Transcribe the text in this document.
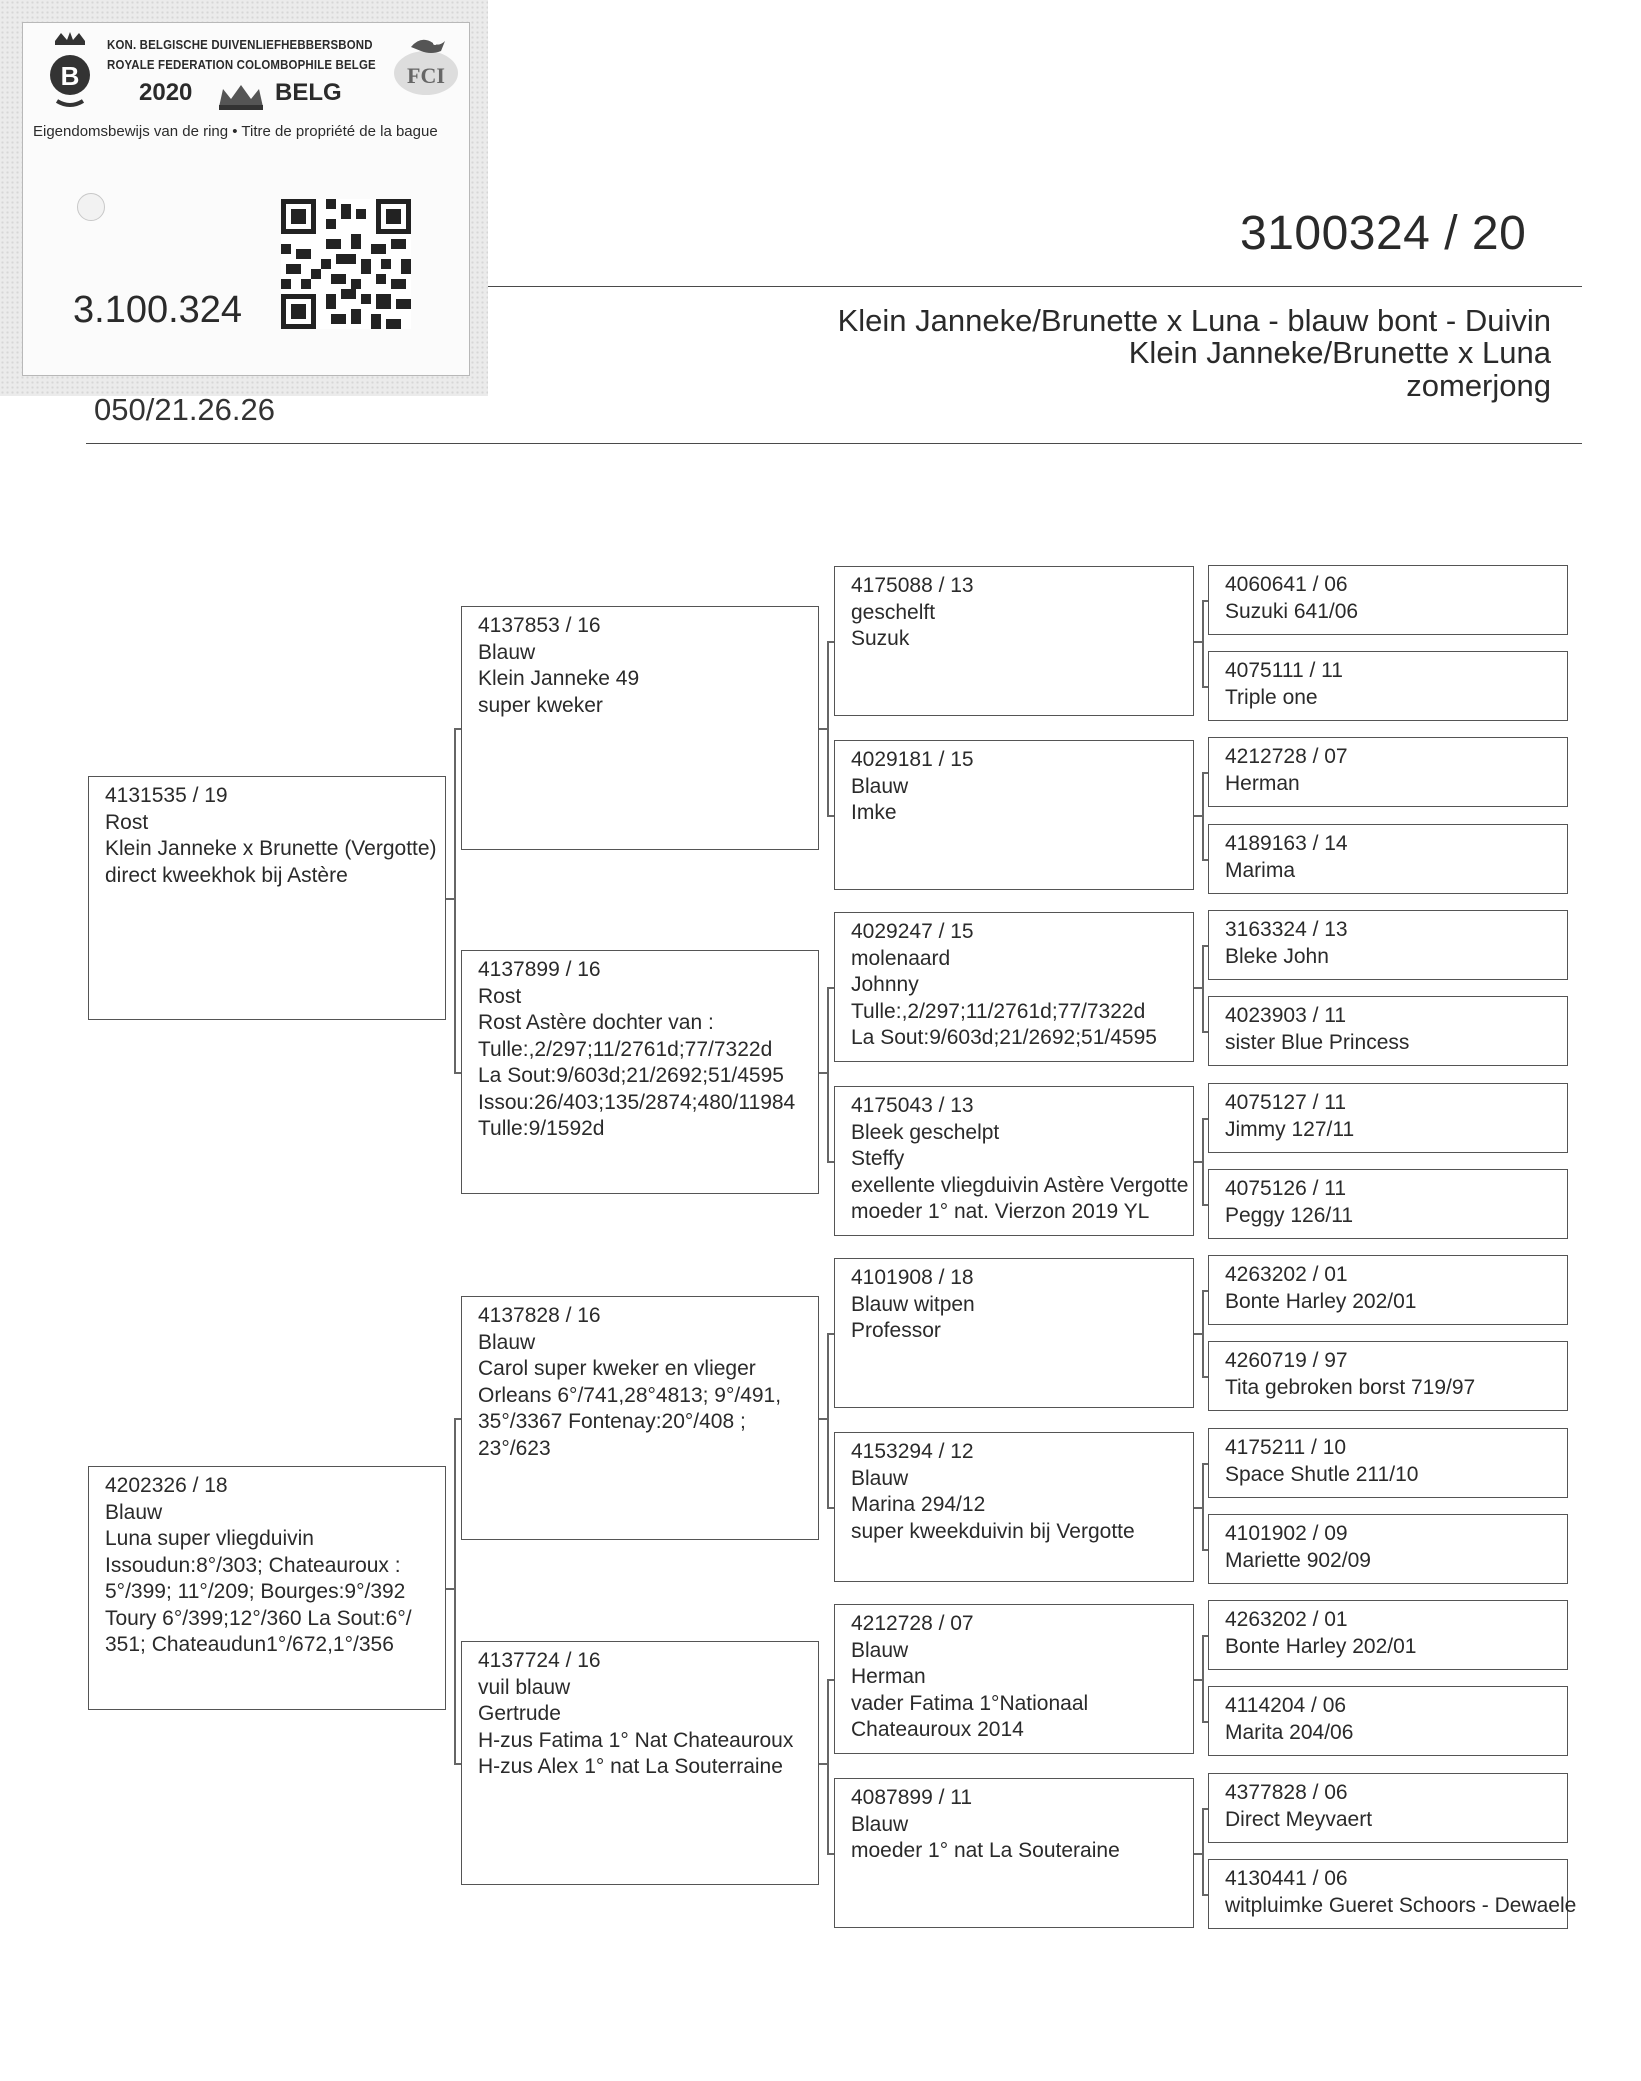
B
KON. BELGISCHE DUIVENLIEFHEBBERSBOND
ROYALE FEDERATION COLOMBOPHILE BELGE
2020	BELG
FCI
Eigendomsbewijs van de ring • Titre de propriété de la bague
3.100.324
050/21.26.26
3100324 / 20
Klein Janneke/Brunette x Luna - blauw bont - Duivin
Klein Janneke/Brunette x Luna
zomerjong
4131535 / 19
Rost
Klein Janneke x Brunette (Vergotte)
direct kweekhok bij Astère
4202326 / 18
Blauw
Luna super vliegduivin
Issoudun:8°/303; Chateauroux :
5°/399; 11°/209; Bourges:9°/392
Toury 6°/399;12°/360 La Sout:6°/
351; Chateaudun1°/672,1°/356
4137853 / 16
Blauw
Klein Janneke 49
super kweker
4137899 / 16
Rost
Rost Astère dochter van :
Tulle:,2/297;11/2761d;77/7322d
La Sout:9/603d;21/2692;51/4595
Issou:26/403;135/2874;480/11984
Tulle:9/1592d
4137828 / 16
Blauw
Carol super kweker en vlieger
Orleans 6°/741,28°4813; 9°/491,
35°/3367 Fontenay:20°/408 ;
23°/623
4137724 / 16
vuil blauw
Gertrude
H-zus Fatima 1° Nat Chateauroux
H-zus Alex 1° nat La Souterraine
4175088 / 13
geschelft
Suzuk
4029181 / 15
Blauw
Imke
4029247 / 15
molenaard
Johnny
Tulle:,2/297;11/2761d;77/7322d
La Sout:9/603d;21/2692;51/4595
4175043 / 13
Bleek geschelpt
Steffy
exellente vliegduivin Astère Vergotte
moeder 1° nat. Vierzon 2019 YL
4101908 / 18
Blauw witpen
Professor
4153294 / 12
Blauw
Marina 294/12
super kweekduivin bij Vergotte
4212728 / 07
Blauw
Herman
vader Fatima 1°Nationaal
Chateauroux 2014
4087899 / 11
Blauw
moeder 1° nat La Souteraine
4060641 / 06
Suzuki 641/06
4075111 / 11
Triple one
4212728 / 07
Herman
4189163 / 14
Marima
3163324 / 13
Bleke John
4023903 / 11
sister Blue Princess
4075127 / 11
Jimmy 127/11
4075126 / 11
Peggy 126/11
4263202 / 01
Bonte Harley 202/01
4260719 / 97
Tita gebroken borst 719/97
4175211 / 10
Space Shutle 211/10
4101902 / 09
Mariette 902/09
4263202 / 01
Bonte Harley 202/01
4114204 / 06
Marita 204/06
4377828 / 06
Direct Meyvaert
4130441 / 06
witpluimke Gueret Schoors - Dewaele
